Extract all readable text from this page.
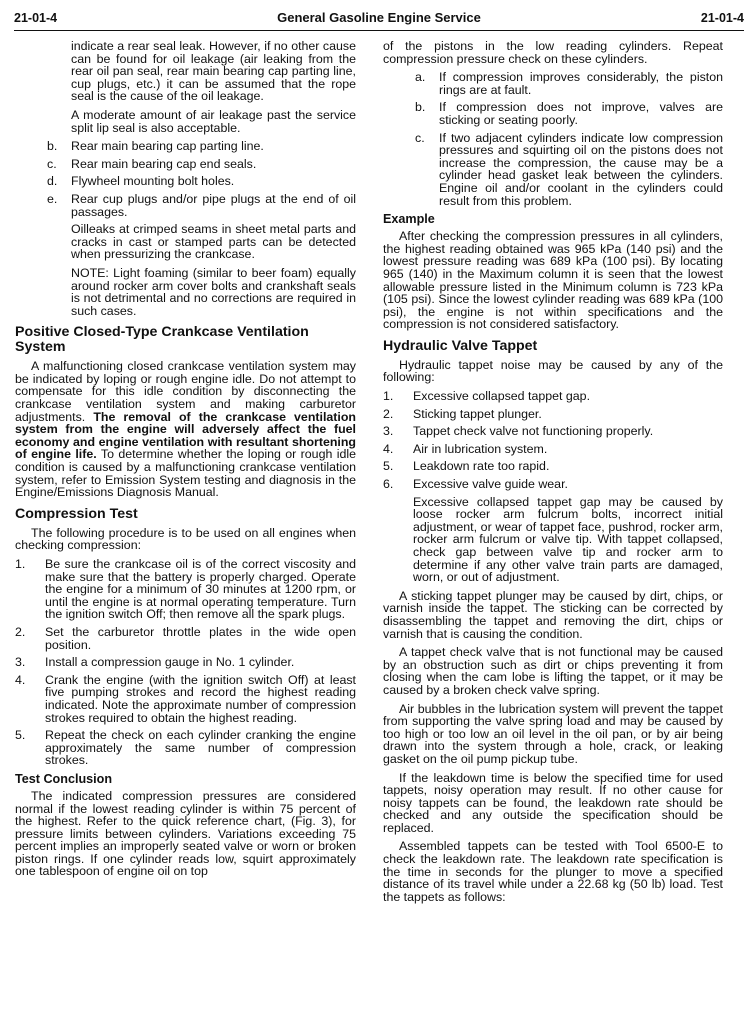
21-01-4	General Gasoline Engine Service	21-01-4

indicate a rear seal leak. However, if no other cause can be found for oil leakage (air leaking from the rear oil pan seal, rear main bearing cap parting line, cup plugs, etc.) it can be assumed that the rope seal is the cause of the oil leakage.

A moderate amount of air leakage past the service split lip seal is also acceptable.

b.	Rear main bearing cap parting line.
c.	Rear main bearing cap end seals.
d.	Flywheel mounting bolt holes.
e.	Rear cup plugs and/or pipe plugs at the end of oil passages.

Oilleaks at crimped seams in sheet metal parts and cracks in cast or stamped parts can be detected when pressurizing the crankcase.

NOTE: Light foaming (similar to beer foam) equally around rocker arm cover bolts and crankshaft seals is not detrimental and no corrections are required in such cases.

Positive Closed-Type Crankcase Ventilation System

A malfunctioning closed crankcase ventilation system may be indicated by loping or rough engine idle. Do not attempt to compensate for this idle condition by disconnecting the crankcase ventilation system and making carburetor adjustments. The removal of the crankcase ventilation system from the engine will adversely affect the fuel economy and engine ventilation with resultant shortening of engine life. To determine whether the loping or rough idle condition is caused by a malfunctioning crankcase ventilation system, refer to Emission System testing and diagnosis in the Engine/Emissions Diagnosis Manual.

Compression Test

The following procedure is to be used on all engines when checking compression:

1.	Be sure the crankcase oil is of the correct viscosity and make sure that the battery is properly charged. Operate the engine for a minimum of 30 minutes at 1200 rpm, or until the engine is at normal operating temperature. Turn the ignition switch Off; then remove all the spark plugs.
2.	Set the carburetor throttle plates in the wide open position.
3.	Install a compression gauge in No. 1 cylinder.
4.	Crank the engine (with the ignition switch Off) at least five pumping strokes and record the highest reading indicated. Note the approximate number of compression strokes required to obtain the highest reading.
5.	Repeat the check on each cylinder cranking the engine approximately the same number of compression strokes.
Test Conclusion

The indicated compression pressures are considered normal if the lowest reading cylinder is within 75 percent of the highest. Refer to the quick reference chart, (Fig. 3), for pressure limits between cylinders. Variations exceeding 75 percent implies an improperly seated valve or worn or broken piston rings. If one cylinder reads low, squirt approximately one tablespoon of engine oil on top

of the pistons in the low reading cylinders. Repeat compression pressure check on these cylinders.

a.	If compression improves considerably, the piston rings are at fault.
b.	If compression does not improve, valves are sticking or seating poorly.
c.	If two adjacent cylinders indicate low compression pressures and squirting oil on the pistons does not increase the compression, the cause may be a cylinder head gasket leak between the cylinders. Engine oil and/or coolant in the cylinders could result from this problem.
Example

After checking the compression pressures in all cylinders, the highest reading obtained was 965 kPa (140 psi) and the lowest pressure reading was 689 kPa (100 psi). By locating 965 (140) in the Maximum column it is seen that the lowest allowable pressure listed in the Minimum column is 723 kPa (105 psi). Since the lowest cylinder reading was 689 kPa (100 psi), the engine is not within specifications and the compression is not considered satisfactory.

Hydraulic Valve Tappet

Hydraulic tappet noise may be caused by any of the following:

1.	Excessive collapsed tappet gap.
2.	Sticking tappet plunger.
3.	Tappet check valve not functioning properly.
4.	Air in lubrication system.
5.	Leakdown rate too rapid.
6.	Excessive valve guide wear.

Excessive collapsed tappet gap may be caused by loose rocker arm fulcrum bolts, incorrect initial adjustment, or wear of tappet face, pushrod, rocker arm, rocker arm fulcrum or valve tip. With tappet collapsed, check gap between valve tip and rocker arm to determine if any other valve train parts are damaged, worn, or out of adjustment.

A sticking tappet plunger may be caused by dirt, chips, or varnish inside the tappet. The sticking can be corrected by disassembling the tappet and removing the dirt, chips or varnish that is causing the condition.

A tappet check valve that is not functional may be caused by an obstruction such as dirt or chips preventing it from closing when the cam lobe is lifting the tappet, or it may be caused by a broken check valve spring.

Air bubbles in the lubrication system will prevent the tappet from supporting the valve spring load and may be caused by too high or too low an oil level in the oil pan, or by air being drawn into the system through a hole, crack, or leaking gasket on the oil pump pickup tube.

If the leakdown time is below the specified time for used tappets, noisy operation may result. If no other cause for noisy tappets can be found, the leakdown rate should be checked and any outside the specification should be replaced.

Assembled tappets can be tested with Tool 6500-E to check the leakdown rate. The leakdown rate specification is the time in seconds for the plunger to move a specified distance of its travel while under a 22.68 kg (50 lb) load. Test the tappets as follows:
